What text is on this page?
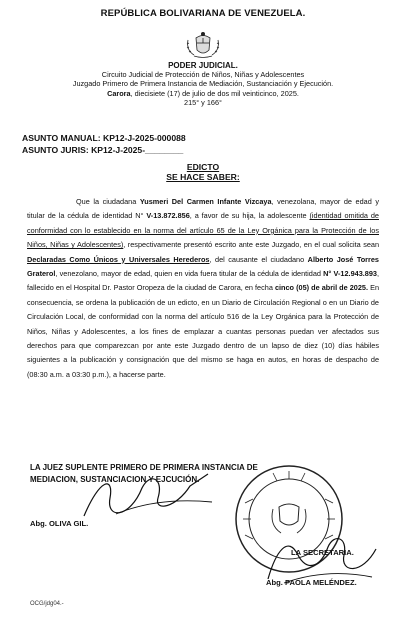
REPÚBLICA BOLIVARIANA DE VENEZUELA.
PODER JUDICIAL.
Circuito Judicial de Protección de Niños, Niñas y Adolescentes
Juzgado Primero de Primera Instancia de Mediación, Sustanciación y Ejecución.
Carora, diecisiete (17) de julio de dos mil veinticinco, 2025.
215° y 166°
ASUNTO MANUAL: KP12-J-2025-000088
ASUNTO JURIS: KP12-J-2025-________
EDICTO
SE HACE SABER:
Que la ciudadana Yusmeri Del Carmen Infante Vizcaya, venezolana, mayor de edad y titular de la cédula de identidad N° V-13.872.856, a favor de su hija, la adolescente (identidad omitida de conformidad con lo establecido en la norma del artículo 65 de la Ley Orgánica para la Protección de los Niños, Niñas y Adolescentes), respectivamente presentó escrito ante este Juzgado, en el cual solicita sean Declaradas Como Únicos y Universales Herederos, del causante el ciudadano Alberto José Torres Graterol, venezolano, mayor de edad, quien en vida fuera titular de la cédula de identidad N° V-12.943.893, fallecido en el Hospital Dr. Pastor Oropeza de la ciudad de Carora, en fecha cinco (05) de abril de 2025. En consecuencia, se ordena la publicación de un edicto, en un Diario de Circulación Regional o en un Diario de Circulación Local, de conformidad con la norma del artículo 516 de la Ley Orgánica para la Protección de Niños, Niñas y Adolescentes, a los fines de emplazar a cuantas personas puedan ver afectados sus derechos para que comparezcan por ante este Juzgado dentro de un lapso de diez (10) días hábiles siguientes a la publicación y consignación que del mismo se haga en autos, en horas de despacho de (08:30 a.m. a 03:30 p.m.), a hacerse parte.
LA JUEZ SUPLENTE PRIMERO DE PRIMERA INSTANCIA DE
MEDIACION, SUSTANCIACION Y EJCUCIÓN.
Abg. OLIVA GIL.
LA SECRETARIA.
Abg. PAOLA MELÉNDEZ.
OCG/jdg04.-
